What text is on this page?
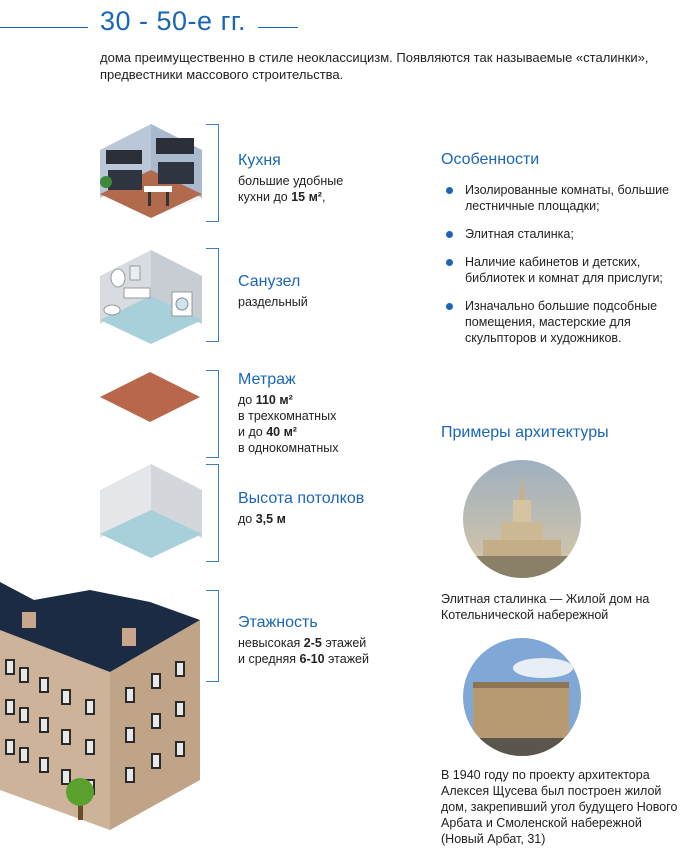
30 - 50-е гг.
дома преимущественно в стиле неоклассицизм. Появляются так называемые «сталинки», предвестники массового строительства.
Кухня
большие удобные кухни до 15 м²,
Санузел
раздельный
Метраж
до 110 м²
в трехкомнатных
и до 40 м²
в однокомнатных
Высота потолков
до 3,5 м
Этажность
невысокая 2-5 этажей
и средняя 6-10 этажей
Особенности
Изолированные комнаты, большие лестничные площадки;
Элитная сталинка;
Наличие кабинетов и детских, библиотек и комнат для прислуги;
Изначально большие подсобные помещения, мастерские для скульпторов и художников.
Примеры архитектуры
Элитная сталинка — Жилой дом на Котельнической набережной
В 1940 году по проекту архитектора Алексея Щусева был построен жилой дом, закрепивший угол будущего Нового Арбата и Смоленской набережной (Новый Арбат, 31)
